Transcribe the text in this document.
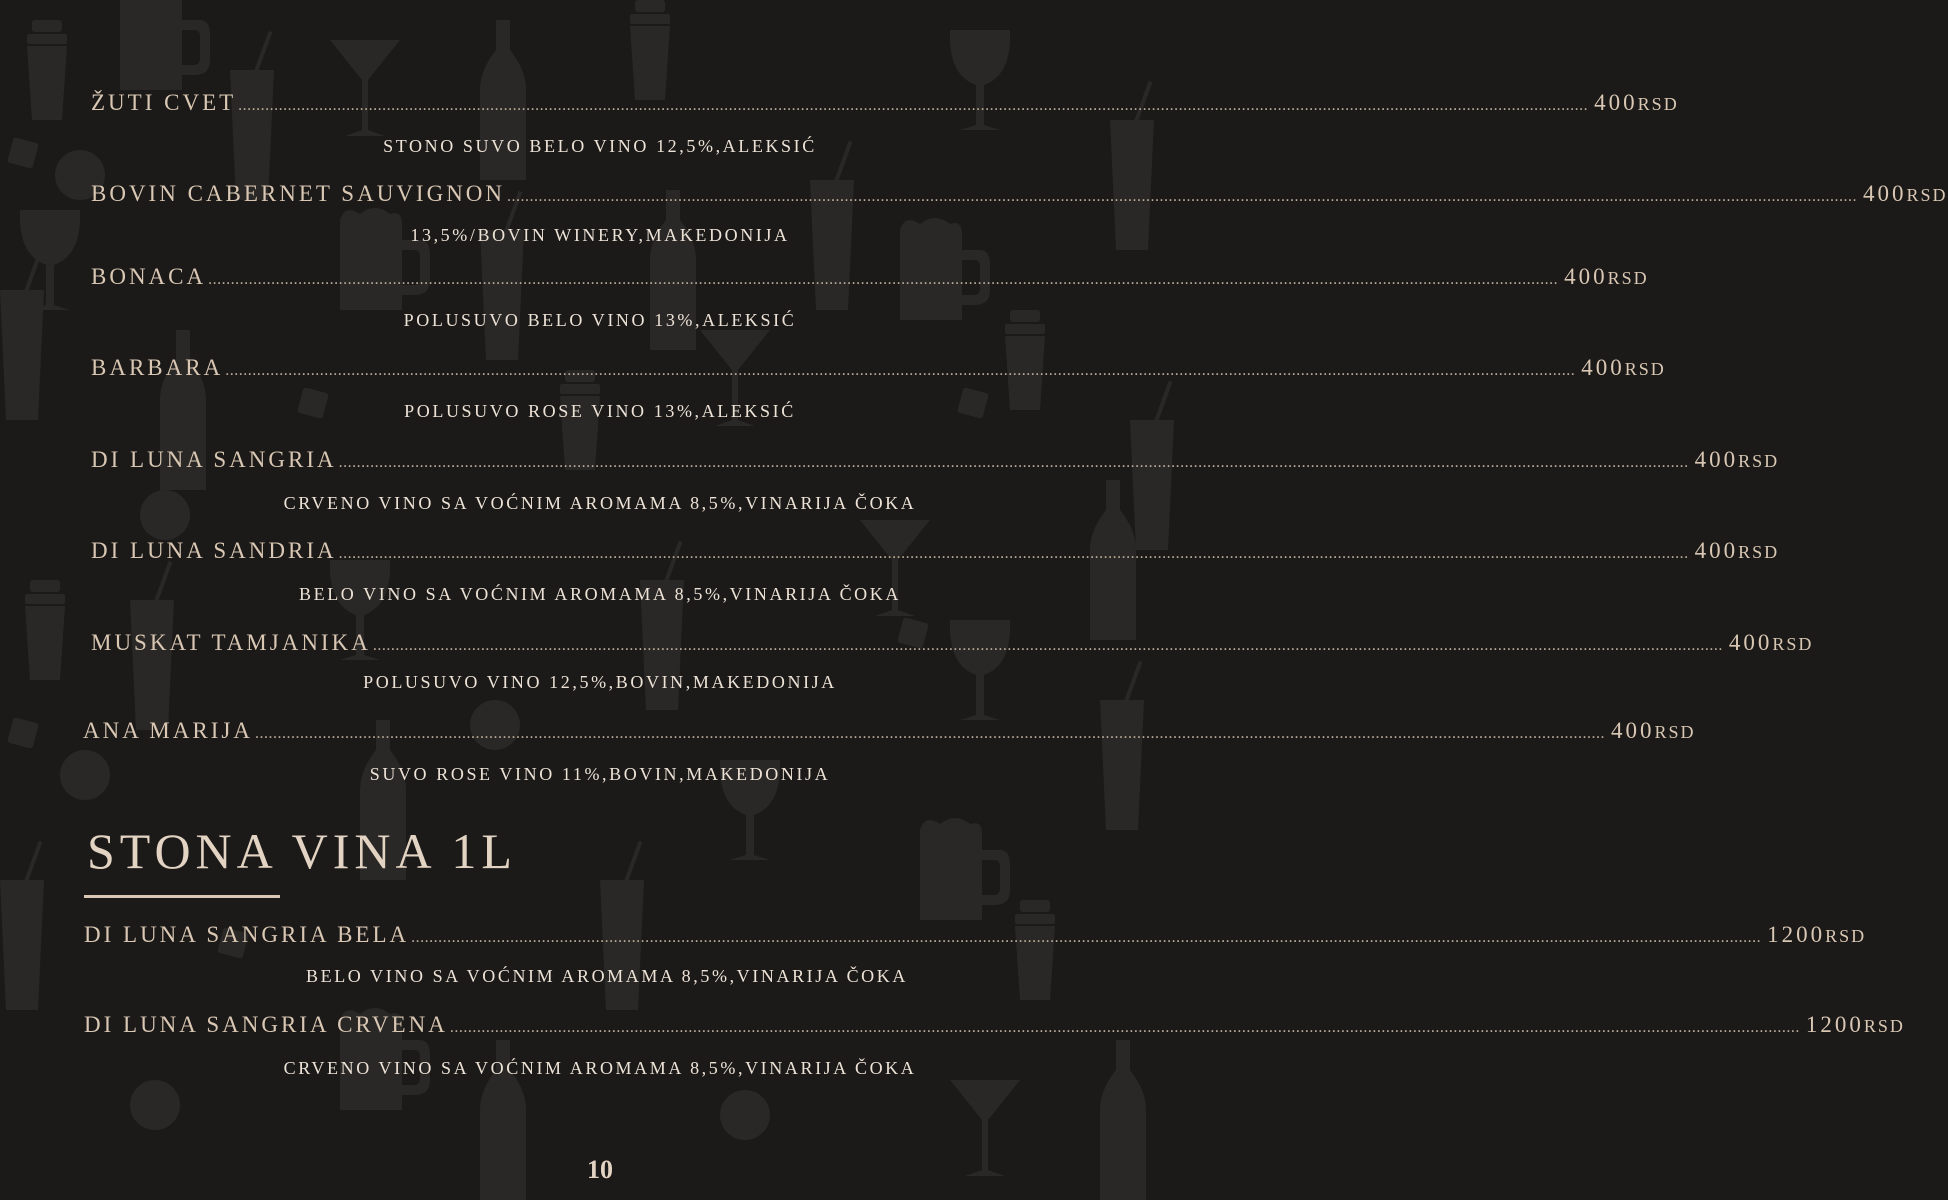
ŽUTI CVET ............................................................................................................................................................................................................................................................................................................ 400RSD
STONO SUVO BELO VINO 12,5%,ALEKSIĆ
BOVIN CABERNET SAUVIGNON ............................................................................................................................................................................................................................................................................................................ 400RSD
13,5%/BOVIN WINERY,MAKEDONIJA
BONACA ............................................................................................................................................................................................................................................................................................................ 400RSD
POLUSUVO BELO VINO 13%,ALEKSIĆ
BARBARA ............................................................................................................................................................................................................................................................................................................ 400RSD
POLUSUVO ROSE VINO 13%,ALEKSIĆ
DI LUNA SANGRIA ............................................................................................................................................................................................................................................................................................................ 400RSD
CRVENO VINO SA VOĆNIM AROMAMA 8,5%,VINARIJA ČOKA
DI LUNA SANDRIA ............................................................................................................................................................................................................................................................................................................ 400RSD
BELO VINO SA VOĆNIM AROMAMA 8,5%,VINARIJA ČOKA
MUSKAT TAMJANIKA ............................................................................................................................................................................................................................................................................................................ 400RSD
POLUSUVO VINO 12,5%,BOVIN,MAKEDONIJA
ANA MARIJA ............................................................................................................................................................................................................................................................................................................ 400RSD
SUVO ROSE VINO 11%,BOVIN,MAKEDONIJA
STONA VINA 1L
DI LUNA SANGRIA BELA ............................................................................................................................................................................................................................................................................................................ 1200RSD
BELO VINO SA VOĆNIM AROMAMA 8,5%,VINARIJA ČOKA
DI LUNA SANGRIA CRVENA ............................................................................................................................................................................................................................................................................................................ 1200RSD
CRVENO VINO SA VOĆNIM AROMAMA 8,5%,VINARIJA ČOKA
10
